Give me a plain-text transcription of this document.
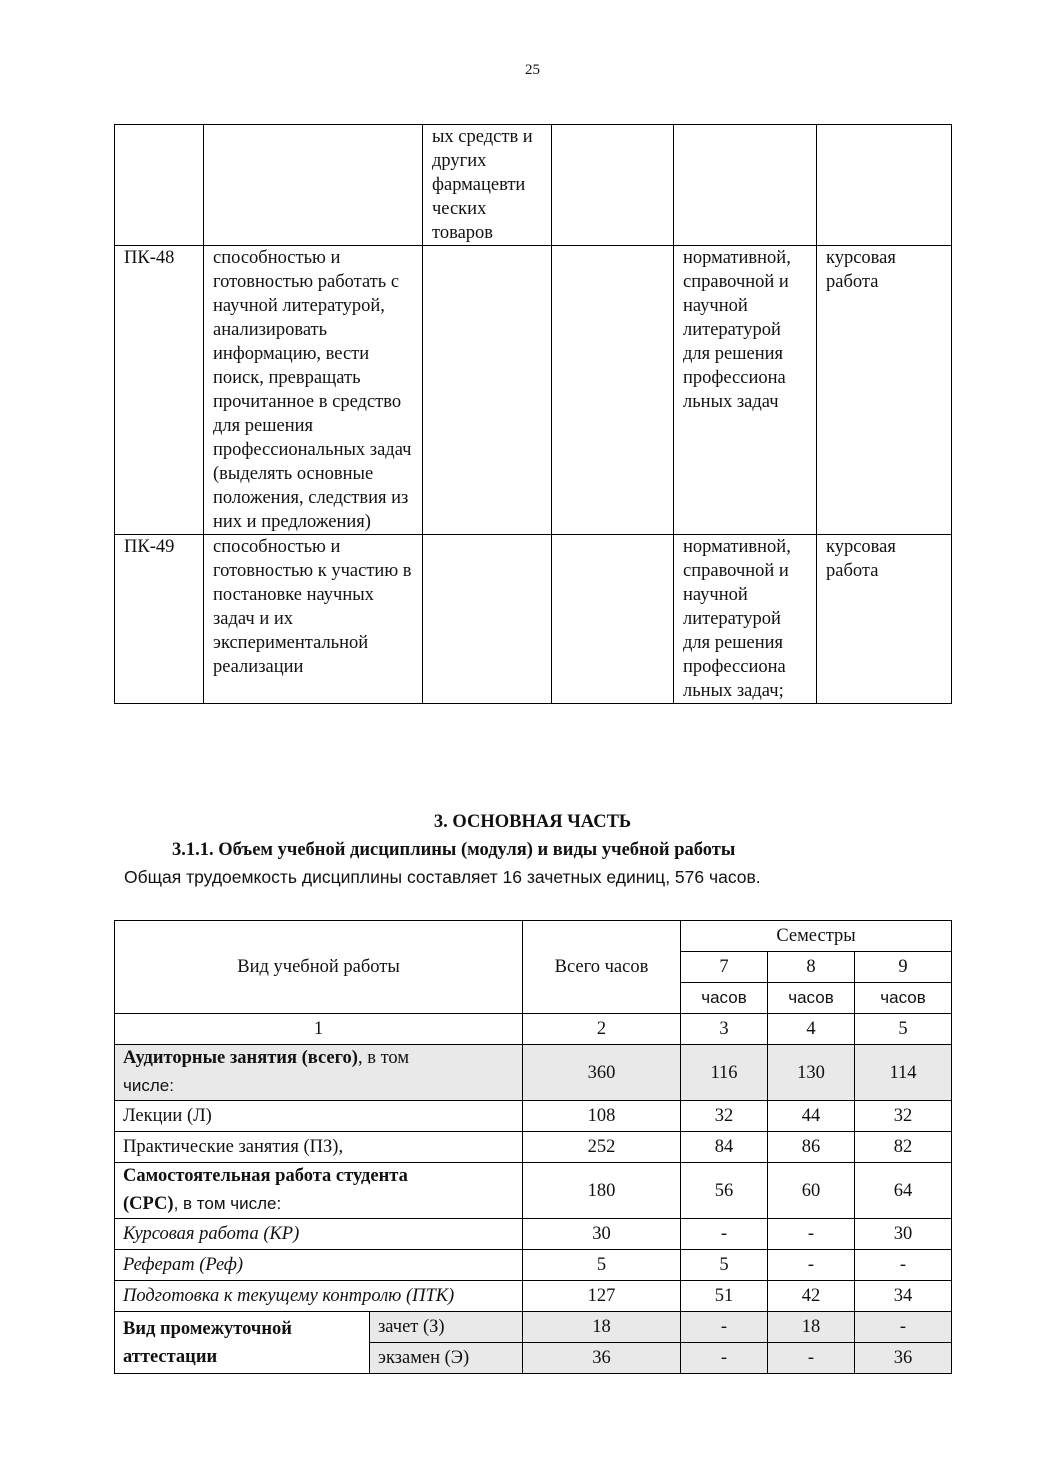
25
		ых средств и других фармацевти ческих товаров			
ПК-48	способностью и готовностью работать с научной литературой, анализировать информацию, вести поиск, превращать прочитанное в средство для решения профессиональных задач (выделять основные положения, следствия из них и предложения)			нормативной, справочной и научной литературой для решения профессиона льных задач	курсовая работа
ПК-49	способностью и готовностью к участию в постановке научных задач и их экспериментальной реализации			нормативной, справочной и научной литературой для решения профессиона льных задач;	курсовая работа
3. ОСНОВНАЯ ЧАСТЬ
3.1.1. Объем учебной дисциплины (модуля) и виды учебной работы
Общая трудоемкость дисциплины составляет 16 зачетных единиц, 576 часов.
Вид учебной работы		Всего часов	Семестры		
			7	8	9
			часов	часов	часов
1		2	3	4	5
Аудиторные занятия (всего), в том
числе:		360	116	130	114
Лекции (Л)		108	32	44	32
Практические занятия (ПЗ),		252	84	86	82
Самостоятельная работа студента
(СРС), в том числе:		180	56	60	64
Курсовая работа (КР)		30	-	-	30
Реферат (Реф)		5	5	-	-
Подготовка к текущему контролю (ПТК)		127	51	42	34
Вид промежуточной
аттестации	зачет (З)	18	-	18	-
	экзамен (Э)	36	-	-	36
